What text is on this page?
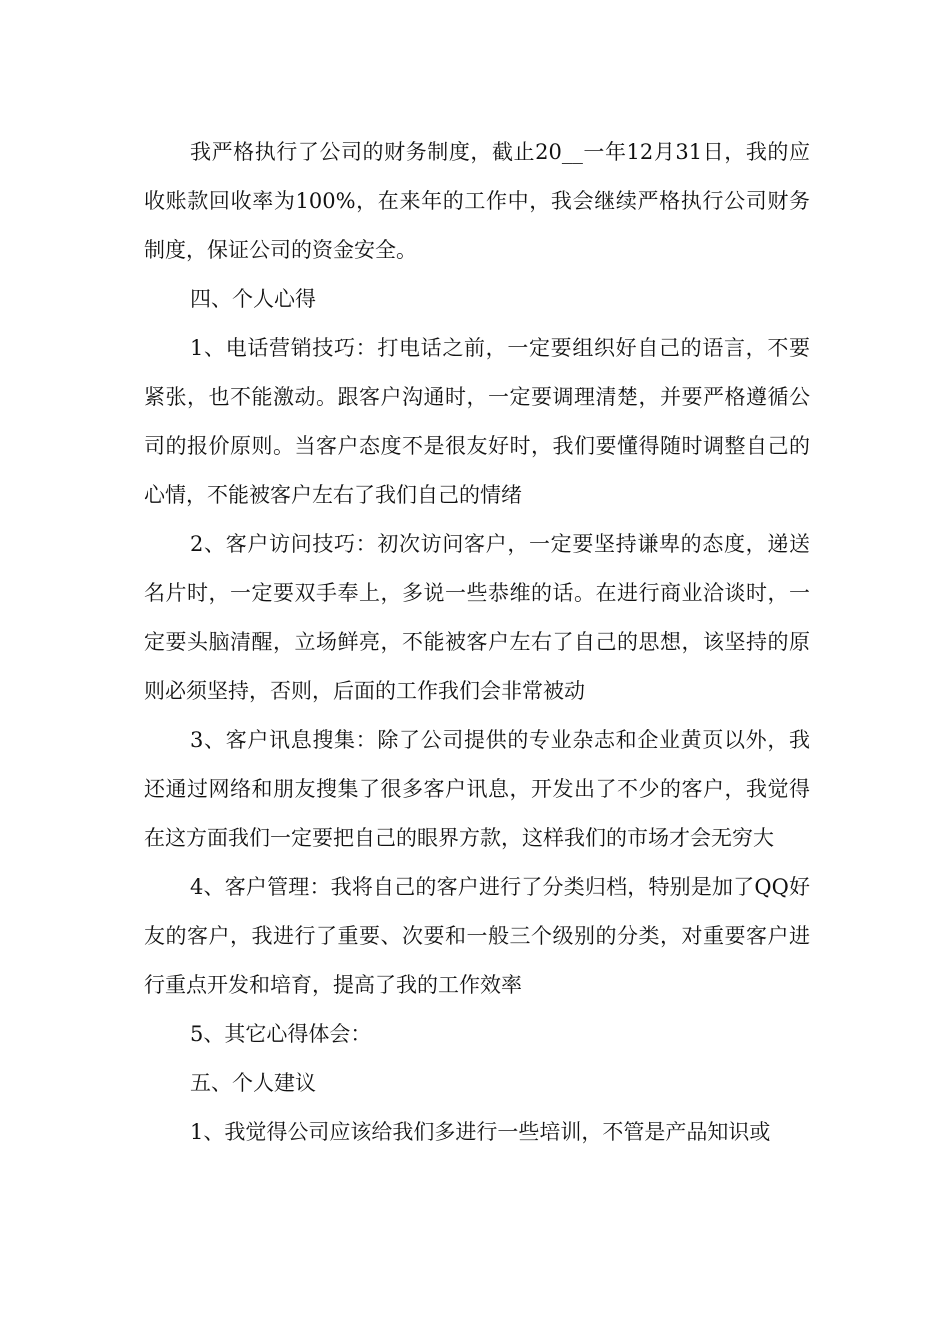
我严格执行了公司的财务制度，截止20__一年12月31日，我的应收账款回收率为100%，在来年的工作中，我会继续严格执行公司财务制度，保证公司的资金安全。

四、个人心得

1、电话营销技巧：打电话之前，一定要组织好自己的语言，不要紧张，也不能激动。跟客户沟通时，一定要调理清楚，并要严格遵循公司的报价原则。当客户态度不是很友好时，我们要懂得随时调整自己的心情，不能被客户左右了我们自己的情绪

2、客户访问技巧：初次访问客户，一定要坚持谦卑的态度，递送名片时，一定要双手奉上，多说一些恭维的话。在进行商业洽谈时，一定要头脑清醒，立场鲜亮，不能被客户左右了自己的思想，该坚持的原则必须坚持，否则，后面的工作我们会非常被动

3、客户讯息搜集：除了公司提供的专业杂志和企业黄页以外，我还通过网络和朋友搜集了很多客户讯息，开发出了不少的客户，我觉得在这方面我们一定要把自己的眼界方款，这样我们的市场才会无穷大

4、客户管理：我将自己的客户进行了分类归档，特别是加了QQ好友的客户，我进行了重要、次要和一般三个级别的分类，对重要客户进行重点开发和培育，提高了我的工作效率

5、其它心得体会：

五、个人建议

1、我觉得公司应该给我们多进行一些培训，不管是产品知识或
